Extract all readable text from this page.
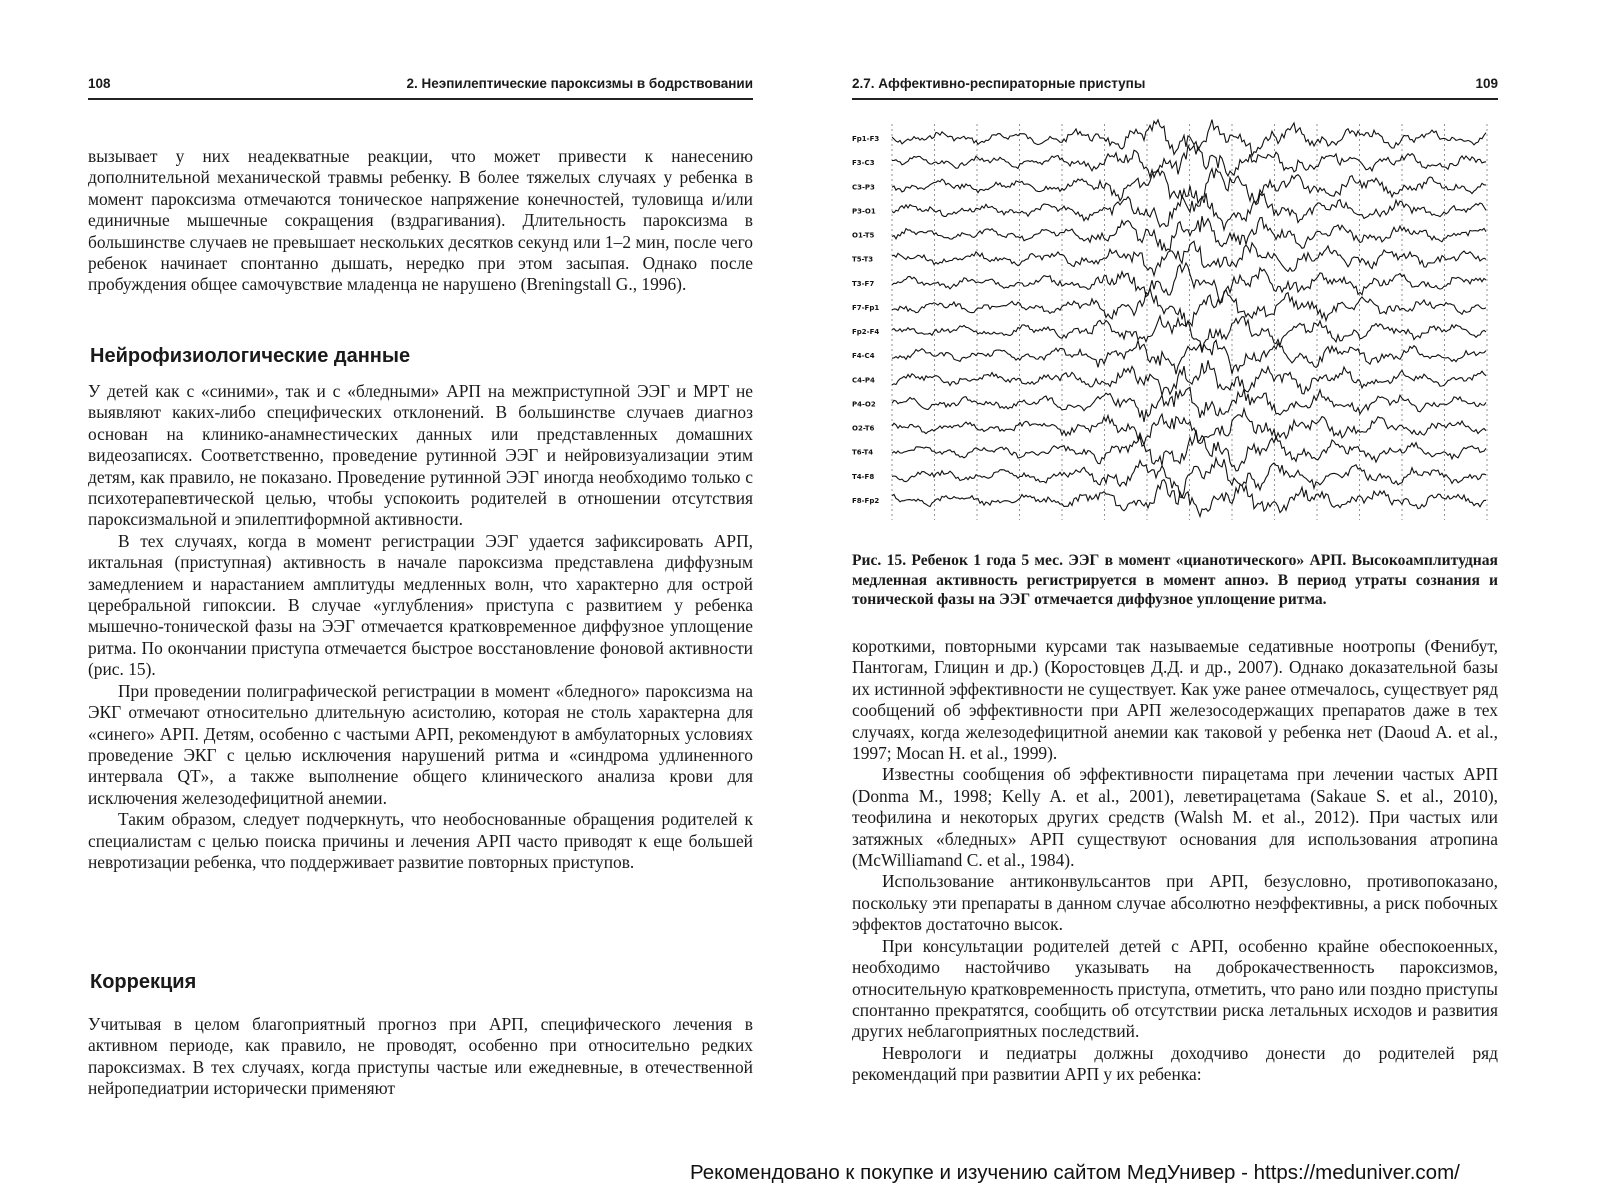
108	2. Неэпилептические пароксизмы в бодрствовании

вызывает у них неадекватные реакции, что может привести к нанесению дополнительной механической травмы ребенку. В более тяжелых случаях у ребенка в момент пароксизма отмечаются тоническое напряжение конечностей, туловища и/или единичные мышечные сокращения (вздрагивания). Длительность пароксизма в большинстве случаев не превышает нескольких десятков секунд или 1–2 мин, после чего ребенок начинает спонтанно дышать, нередко при этом засыпая. Однако после пробуждения общее самочувствие младенца не нарушено (Breningstall G., 1996).

Нейрофизиологические данные

У детей как с «синими», так и с «бледными» АРП на межприступной ЭЭГ и МРТ не выявляют каких-либо специфических отклонений. В большинстве случаев диагноз основан на клинико-анамнестических данных или представленных домашних видеозаписях. Соответственно, проведение рутинной ЭЭГ и нейровизуализации этим детям, как правило, не показано. Проведение рутинной ЭЭГ иногда необходимо только с психотерапевтической целью, чтобы успокоить родителей в отношении отсутствия пароксизмальной и эпилептиформной активности.

В тех случаях, когда в момент регистрации ЭЭГ удается зафиксировать АРП, иктальная (приступная) активность в начале пароксизма представлена диффузным замедлением и нарастанием амплитуды медленных волн, что характерно для острой церебральной гипоксии. В случае «углубления» приступа с развитием у ребенка мышечно-тонической фазы на ЭЭГ отмечается кратковременное диффузное уплощение ритма. По окончании приступа отмечается быстрое восстановление фоновой активности (рис. 15).

При проведении полиграфической регистрации в момент «бледного» пароксизма на ЭКГ отмечают относительно длительную асистолию, которая не столь характерна для «синего» АРП. Детям, особенно с частыми АРП, рекомендуют в амбулаторных условиях проведение ЭКГ с целью исключения нарушений ритма и «синдрома удлиненного интервала QT», а также выполнение общего клинического анализа крови для исключения железодефицитной анемии.

Таким образом, следует подчеркнуть, что необоснованные обращения родителей к специалистам с целью поиска причины и лечения АРП часто приводят к еще большей невротизации ребенка, что поддерживает развитие повторных приступов.

Коррекция

Учитывая в целом благоприятный прогноз при АРП, специфического лечения в активном периоде, как правило, не проводят, особенно при относительно редких пароксизмах. В тех случаях, когда приступы частые или ежедневные, в отечественной нейропедиатрии исторически применяют

109
2.7. Аффективно-респираторные приступы
Fp1-F3
F3-C3
C3-P3
P3-O1
O1-T5
T5-T3
T3-F7
F7-Fp1
Fp2-F4
F4-C4
C4-P4
P4-O2
O2-T6
T6-T4
T4-F8
F8-Fp2
Рис. 15. Ребенок 1 года 5 мес. ЭЭГ в момент «цианотического» АРП. Высокоамплитудная медленная активность регистрируется в момент апноэ. В период утраты сознания и тонической фазы на ЭЭГ отмечается диффузное уплощение ритма.

короткими, повторными курсами так называемые седативные ноотропы (Фенибут, Пантогам, Глицин и др.) (Коростовцев Д.Д. и др., 2007). Однако доказательной базы их истинной эффективности не существует. Как уже ранее отмечалось, существует ряд сообщений об эффективности при АРП железосодержащих препаратов даже в тех случаях, когда железодефицитной анемии как таковой у ребенка нет (Daoud A. et al., 1997; Mocan H. et al., 1999).

Известны сообщения об эффективности пирацетама при лечении частых АРП (Donma M., 1998; Kelly A. et al., 2001), леветирацетама (Sakaue S. et al., 2010), теофилина и некоторых других средств (Walsh M. et al., 2012). При частых или затяжных «бледных» АРП существуют основания для использования атропина (McWilliamand C. et al., 1984).

Использование антиконвульсантов при АРП, безусловно, противопоказано, поскольку эти препараты в данном случае абсолютно неэффективны, а риск побочных эффектов достаточно высок.

При консультации родителей детей с АРП, особенно крайне обеспокоенных, необходимо настойчиво указывать на доброкачественность пароксизмов, относительную кратковременность приступа, отметить, что рано или поздно приступы спонтанно прекратятся, сообщить об отсутствии риска летальных исходов и развития других неблагоприятных последствий.

Неврологи и педиатры должны доходчиво донести до родителей ряд рекомендаций при развитии АРП у их ребенка:

Рекомендовано к покупке и изучению сайтом МедУнивер - https://meduniver.com/
